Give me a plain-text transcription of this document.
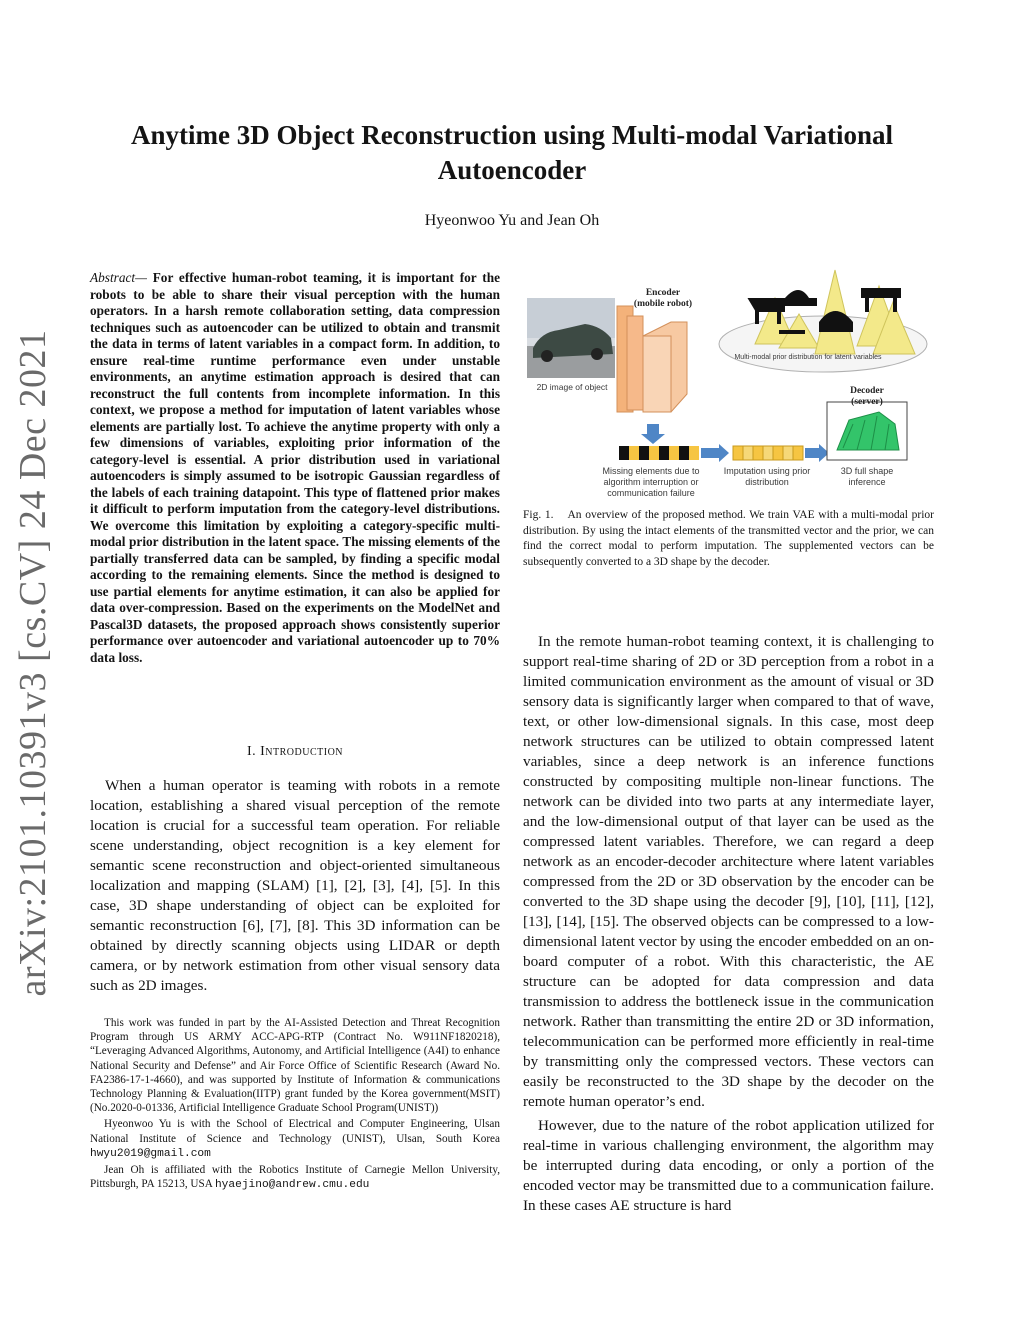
arXiv:2101.10391v3 [cs.CV] 24 Dec 2021
Anytime 3D Object Reconstruction using Multi-modal Variational Autoencoder
Hyeonwoo Yu and Jean Oh
Abstract— For effective human-robot teaming, it is important for the robots to be able to share their visual perception with the human operators. In a harsh remote collaboration setting, data compression techniques such as autoencoder can be utilized to obtain and transmit the data in terms of latent variables in a compact form. In addition, to ensure real-time runtime performance even under unstable environments, an anytime estimation approach is desired that can reconstruct the full contents from incomplete information. In this context, we propose a method for imputation of latent variables whose elements are partially lost. To achieve the anytime property with only a few dimensions of variables, exploiting prior information of the category-level is essential. A prior distribution used in variational autoencoders is simply assumed to be isotropic Gaussian regardless of the labels of each training datapoint. This type of flattened prior makes it difficult to perform imputation from the category-level distributions. We overcome this limitation by exploiting a category-specific multi-modal prior distribution in the latent space. The missing elements of the partially transferred data can be sampled, by finding a specific modal according to the remaining elements. Since the method is designed to use partial elements for anytime estimation, it can also be applied for data over-compression. Based on the experiments on the ModelNet and Pascal3D datasets, the proposed approach shows consistently superior performance over autoencoder and variational autoencoder up to 70% data loss.
I. Introduction

When a human operator is teaming with robots in a remote location, establishing a shared visual perception of the remote location is crucial for a successful team operation. For reliable scene understanding, object recognition is a key element for semantic scene reconstruction and object-oriented simultaneous localization and mapping (SLAM) [1], [2], [3], [4], [5]. In this case, 3D shape understanding of object can be exploited for semantic reconstruction [6], [7], [8]. This 3D information can be obtained by directly scanning objects using LIDAR or depth camera, or by network estimation from other visual sensory data such as 2D images.

This work was funded in part by the AI-Assisted Detection and Threat Recognition Program through US ARMY ACC-APG-RTP (Contract No. W911NF1820218), “Leveraging Advanced Algorithms, Autonomy, and Artificial Intelligence (A4I) to enhance National Security and Defense” and Air Force Office of Scientific Research (Award No. FA2386-17-1-4660), and was supported by Institute of Information & communications Technology Planning & Evaluation(IITP) grant funded by the Korea government(MSIT) (No.2020-0-01336, Artificial Intelligence Graduate School Program(UNIST))

Hyeonwoo Yu is with the School of Electrical and Computer Engineering, Ulsan National Institute of Science and Technology (UNIST), Ulsan, South Korea hwyu2019@gmail.com

Jean Oh is affiliated with the Robotics Institute of Carnegie Mellon University, Pittsburgh, PA 15213, USA hyaejino@andrew.cmu.edu

Encoder
(mobile robot)
2D image of object
Multi-modal prior distribution for latent variables
Decoder
(server)
Missing elements due to algorithm interruption or communication failure
Imputation using prior distribution
3D full shape inference
Fig. 1. An overview of the proposed method. We train VAE with a multi-modal prior distribution. By using the intact elements of the transmitted vector and the prior, we can find the correct modal to perform imputation. The supplemented vectors can be subsequently converted to a 3D shape by the decoder.

In the remote human-robot teaming context, it is challenging to support real-time sharing of 2D or 3D perception from a robot in a limited communication environment as the amount of visual or 3D sensory data is significantly larger when compared to that of wave, text, or other low-dimensional signals. In this case, most deep network structures can be utilized to obtain compressed latent variables, since a deep network is an inference functions constructed by compositing multiple non-linear functions. The network can be divided into two parts at any intermediate layer, and the low-dimensional output of that layer can be used as the compressed latent variables. Therefore, we can regard a deep network as an encoder-decoder architecture where latent variables compressed from the 2D or 3D observation by the encoder can be converted to the 3D shape using the decoder [9], [10], [11], [12], [13], [14], [15]. The observed objects can be compressed to a low-dimensional latent vector by using the encoder embedded on an on-board computer of a robot. With this characteristic, the AE structure can be adopted for data compression and data transmission to address the bottleneck issue in the communication network. Rather than transmitting the entire 2D or 3D information, telecommunication can be performed more efficiently in real-time by transmitting only the compressed vectors. These vectors can easily be reconstructed to the 3D shape by the decoder on the remote human operator’s end.

However, due to the nature of the robot application utilized for real-time in various challenging environment, the algorithm may be interrupted during data encoding, or only a portion of the encoded vector may be transmitted due to a communication failure. In these cases AE structure is hard
